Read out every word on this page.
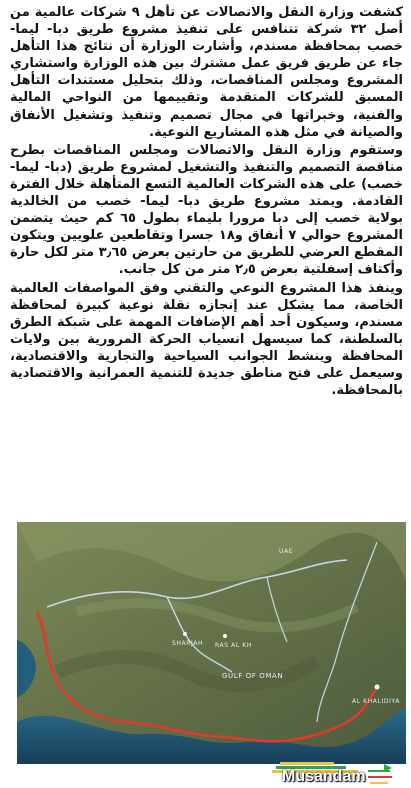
كشفت وزارة النقل والاتصالات عن تأهل ٩ شركات عالمية من أصل ٣٢ شركة تتنافس على تنفيذ مشروع طريق دبا- ليما- خصب بمحافظة مسندم، وأشارت الوزارة أن نتائج هذا التأهل جاء عن طريق فريق عمل مشترك بين هذه الوزارة واستشاري المشروع ومجلس المناقصات، وذلك بتحليل مستندات التأهل المسبق للشركات المتقدمة وتقييمها من النواحي المالية والفنية، وخبراتها في مجال تصميم وتنفيذ وتشغيل الأنفاق والصيانة في مثل هذه المشاريع النوعية.

وستقوم وزارة النقل والاتصالات ومجلس المناقصات بطرح مناقصة التصميم والتنفيذ والتشغيل لمشروع طريق (دبا- ليما- خصب) على هذه الشركات العالمية التسع المتأهلة خلال الفترة القادمة. ويمتد مشروع طريق دبا- ليما- خصب من الخالدية بولاية خصب إلى دبا مرورا بليماء بطول ٦٥ كم حيث يتضمن المشروع حوالي ٧ أنفاق و١٨ جسرا وتقاطعين علويين ويتكون المقطع العرضي للطريق من حارتين بعرض ٣٫٦٥ متر لكل حارة وأكتاف إسفلتية بعرض ٢٫٥ متر من كل جانب.

وينفذ هذا المشروع النوعي والتقني وفق المواصفات العالمية الخاصة، مما يشكل عند إنجازه نقلة نوعية كبيرة لمحافظة مسندم، وسيكون أحد أهم الإضافات المهمة على شبكة الطرق بالسلطنة، كما سيسهل انسياب الحركة المرورية بين ولايات المحافظة وينشط الجوانب السياحية والتجارية والاقتصادية، وسيعمل على فتح مناطق جديدة للتنمية العمرانية والاقتصادية بالمحافظة.

UAE
SHARJAH RAS AL KH
GULF OF OMAN
AL KHALIDIYA
Musandam
